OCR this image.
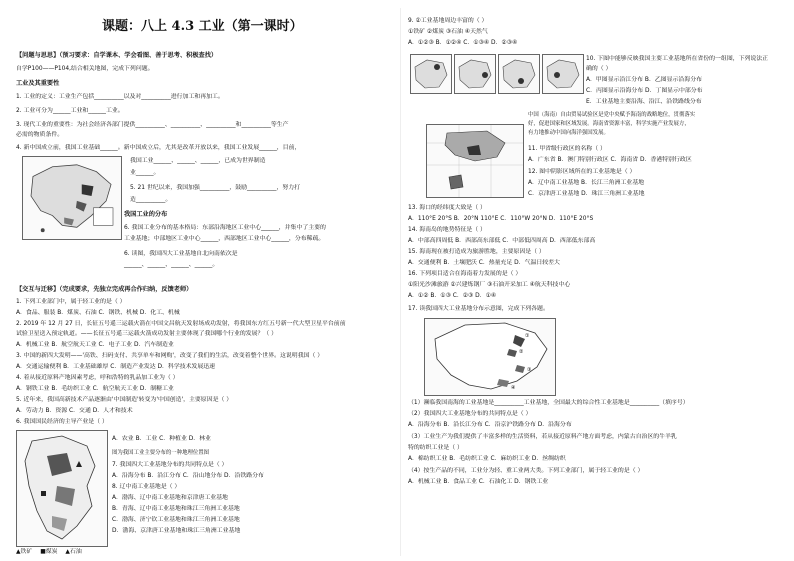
课题：八上 4.3 工业（第一课时）
【问题与思思】（预习要求：自学课本、学会看图、善于思考、积极查找）
自学P100——P104,结合相关地图，完成下列问题。
工业及其重要性
1. 工业的定义：工业生产包括__________以及对__________进行加工和再加工。
2. 工业可分为______工业和______工业。
3. 现代工业的重要性：为社会经济各部门提供__________、__________、__________和__________等生产
必需的物质条件。
4. 新中国成立前，我国工业基础______。新中国成立后，尤其是改革开放以来，我国工业发展______，目前，
我国工业______、______、______，已成为世界制造
业______。
5. 21 世纪以来，我国加强__________，鼓励__________，努力打
造__________。
我国工业的分布
6. 我国工业分布的基本格局：东部沿海地区工业中心______，并集中了主要的
工业基地；中部地区工业中心______，西部地区工业中心______，分布稀疏。
6. 读图，我国四大工业基地自北向南依次是
______、______、______、______。
【交互与迁移】（完成要求，先独立完成再合作归纳，反馈老师）
1. 下列工业部门中，属于轻工业的是（ ）
A．食品、服装 B．煤炭、石油 C．钢铁、机械 D．化工、机械
2. 2019 年 12 月 27 日，长征五号遥三运载火箭在中国文昌航天发射场成功发射，将我国东方红五号新一代大型卫星平台前前
试验卫星送入预定轨道。——长征五号遥三运载火箭成功发射主要体现了我国哪个行业的发展？（ ）
A．机械工业 B．航空航天工业 C．电子工业 D．汽车制造业
3. 中国的新四大发明——'高铁、扫码支付、共享单车和网购'，改变了我们的生活，改变着整个世界。这说明我国（ ）
A．交通运输便利 B．工业基础雄厚 C．制造产业发达 D．科学技术发展迅速
4. 着从接近原料产地因素考虑，呼和浩特的乳品加工业为（ ）
A．钢铁工业 B．毛纺织工业 C．航空航天工业 D．制糖工业
5. 近年来，我国高新技术产品逐渐由'中国制造'转变为'中国创造'，主要原因是（ ）
A．劳动力 B．资源 C．交通 D．人才和技术
6. 我国国民经济的主导产业是（ ）
▲铁矿 ■煤炭 ▲石油
A．农业 B．工业 C．种植业 D．林业
图为我国工业主要分布的一种地理位置图
7. 我国四大工业基地分布的共同特点是（ ）
A．沿海分布 B．沿江分布 C．沿山地分布 D．沿铁路分布
8. 辽中南工业基地是（ ）
A．渤海、辽中南工业基地和京津唐工业基地
B．青海、辽中南工业基地和珠江三角洲工业基地
C．渤海、济宁钦工业基地和珠江三角洲工业基地
D．渤海、京津唐工业基地和珠江三角洲工业基地
9. ②工业基地周边丰富的（ ）
①铁矿 ②煤炭 ③石油 ④天然气
A．①②③ B．①②④ C．①③④ D．②③④
10. 下图中能够反映我国主要工业基地所在省份的一组图，下列说法正
确的（ ）
A．甲图显示沿江分布 B．乙图显示沿海分布
C．丙图显示沿海分布 D．丁图显示中部分布
E．工业基地主要沿海、沿江、沿铁路线分布
中国（海南）自由贸易试验区是党中央赋予海南的战略地位，贯彻落实
好，促进国家和区域发展。海南省资源丰富，科学实施产业发展方，
有力地推动中国向海洋强国发展。
11. 甲省级行政区的名称（ ）
A．广东省 B．澳门特别行政区 C．海南省 D．香港特别行政区
12. 图中阴影区域所在的工业基地是（ ）
A．辽中南工业基地 B．长江三角洲工业基地
C．京津唐工业基地 D．珠江三角洲工业基地
13. 海口的经纬度大致是（ ）
A．110°E 20°S B．20°N 110°E C．110°W 20°N D．110°E 20°S
14. 海南岛的地势特征是（ ）
A．中部高四周低 B．西部高东部低 C．中部低四周高 D．西部低东部高
15. 海南现在被打造成为旅游胜地，主要原因是（ ）
A．交通便利 B．土壤肥沃 C．热量充足 D．气温日较差大
16. 下列项目适合在海南着力发展的是（ ）
①阳光沙滩旅游 ②兴建炼钢厂 ③石油开采加工 ④航天科技中心
A．①② B．①③ C．②③ D．①④
17. 读我国四大工业基地分布示意图，完成下列各题。
①
②
③
④
（1）濒临我国南海的工业基地是__________工业基地，全国最大的综合性工业基地是__________（填序号）
（2）我国四大工业基地分布的共同特点是（ ）
A．沿海分布 B．沿长江分布 C．沿京沪铁路分布 D．沿海分布
（3）工业生产为我们提供了丰富多样的生活资料，若从接近原料产地方面考虑，内蒙古自治区的牛羊乳
特的纺织工业是（ ）
A．棉纺织工业 B．毛纺织工业 C．麻纺织工业 D．丝绸纺织
（4）按生产品的不同，工业分为轻、重工业两大类。下列工业部门，属于轻工业的是（ ）
A．机械工业 B．食品工业 C．石油化工 D．钢铁工业
